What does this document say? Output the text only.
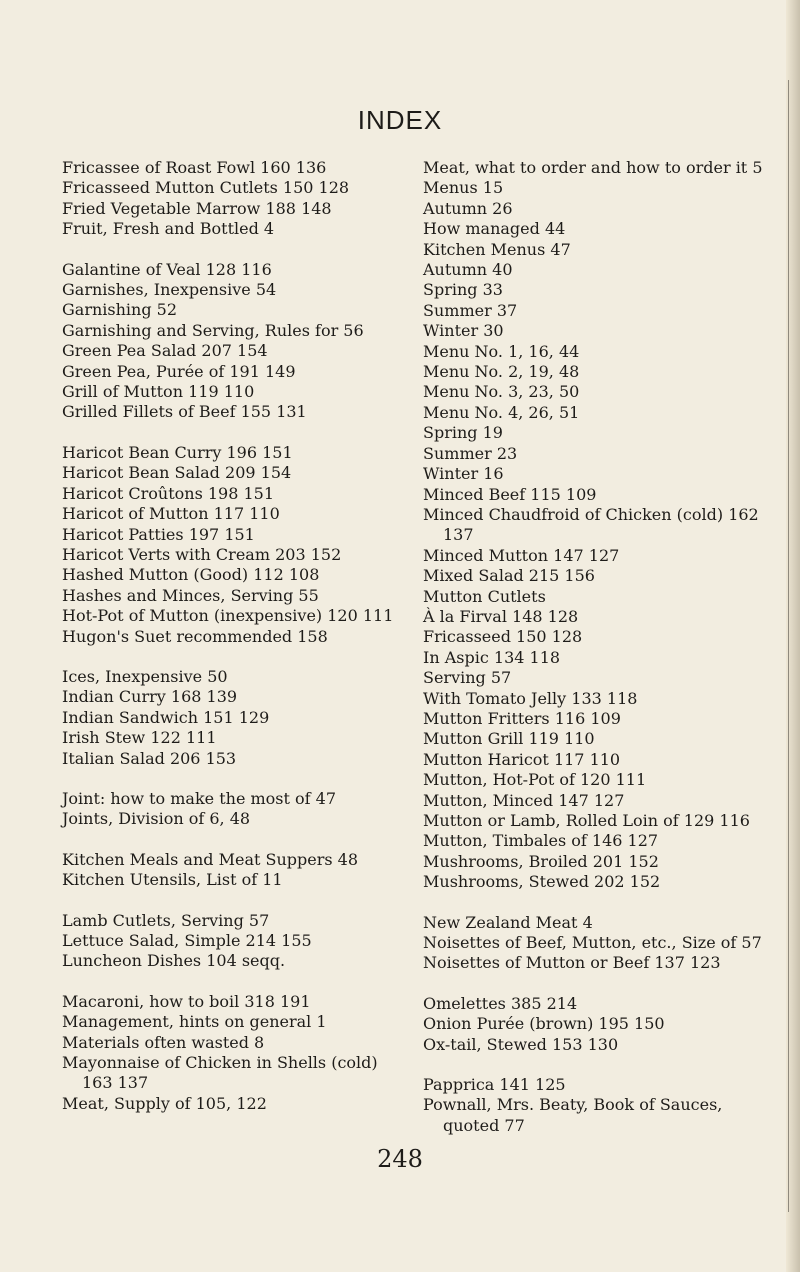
INDEX
Fricassee of Roast Fowl 160 136
Fricasseed Mutton Cutlets 150 128
Fried Vegetable Marrow 188 148
Fruit, Fresh and Bottled 4
Galantine of Veal 128 116
Garnishes, Inexpensive 54
Garnishing 52
Garnishing and Serving, Rules for 56
Green Pea Salad 207 154
Green Pea, Purée of 191 149
Grill of Mutton 119 110
Grilled Fillets of Beef 155 131
Haricot Bean Curry 196 151
Haricot Bean Salad 209 154
Haricot Croûtons 198 151
Haricot of Mutton 117 110
Haricot Patties 197 151
Haricot Verts with Cream 203 152
Hashed Mutton (Good) 112 108
Hashes and Minces, Serving 55
Hot-Pot of Mutton (inexpensive) 120 111
Hugon's Suet recommended 158
Ices, Inexpensive 50
Indian Curry 168 139
Indian Sandwich 151 129
Irish Stew 122 111
Italian Salad 206 153
Joint: how to make the most of 47
Joints, Division of 6, 48
Kitchen Meals and Meat Suppers 48
Kitchen Utensils, List of 11
Lamb Cutlets, Serving 57
Lettuce Salad, Simple 214 155
Luncheon Dishes 104 seqq.
Macaroni, how to boil 318 191
Management, hints on general 1
Materials often wasted 8
Mayonnaise of Chicken in Shells (cold) 163 137
Meat, Supply of 105, 122
Meat, what to order and how to order it 5
Menus 15
Autumn 26
How managed 44
Kitchen Menus 47
Autumn 40
Spring 33
Summer 37
Winter 30
Menu No. 1, 16, 44
Menu No. 2, 19, 48
Menu No. 3, 23, 50
Menu No. 4, 26, 51
Spring 19
Summer 23
Winter 16
Minced Beef 115 109
Minced Chaudfroid of Chicken (cold) 162 137
Minced Mutton 147 127
Mixed Salad 215 156
Mutton Cutlets
À la Firval 148 128
Fricasseed 150 128
In Aspic 134 118
Serving 57
With Tomato Jelly 133 118
Mutton Fritters 116 109
Mutton Grill 119 110
Mutton Haricot 117 110
Mutton, Hot-Pot of 120 111
Mutton, Minced 147 127
Mutton or Lamb, Rolled Loin of 129 116
Mutton, Timbales of 146 127
Mushrooms, Broiled 201 152
Mushrooms, Stewed 202 152
New Zealand Meat 4
Noisettes of Beef, Mutton, etc., Size of 57
Noisettes of Mutton or Beef 137 123
Omelettes 385 214
Onion Purée (brown) 195 150
Ox-tail, Stewed 153 130
Papprica 141 125
Pownall, Mrs. Beaty, Book of Sauces, quoted 77
248
